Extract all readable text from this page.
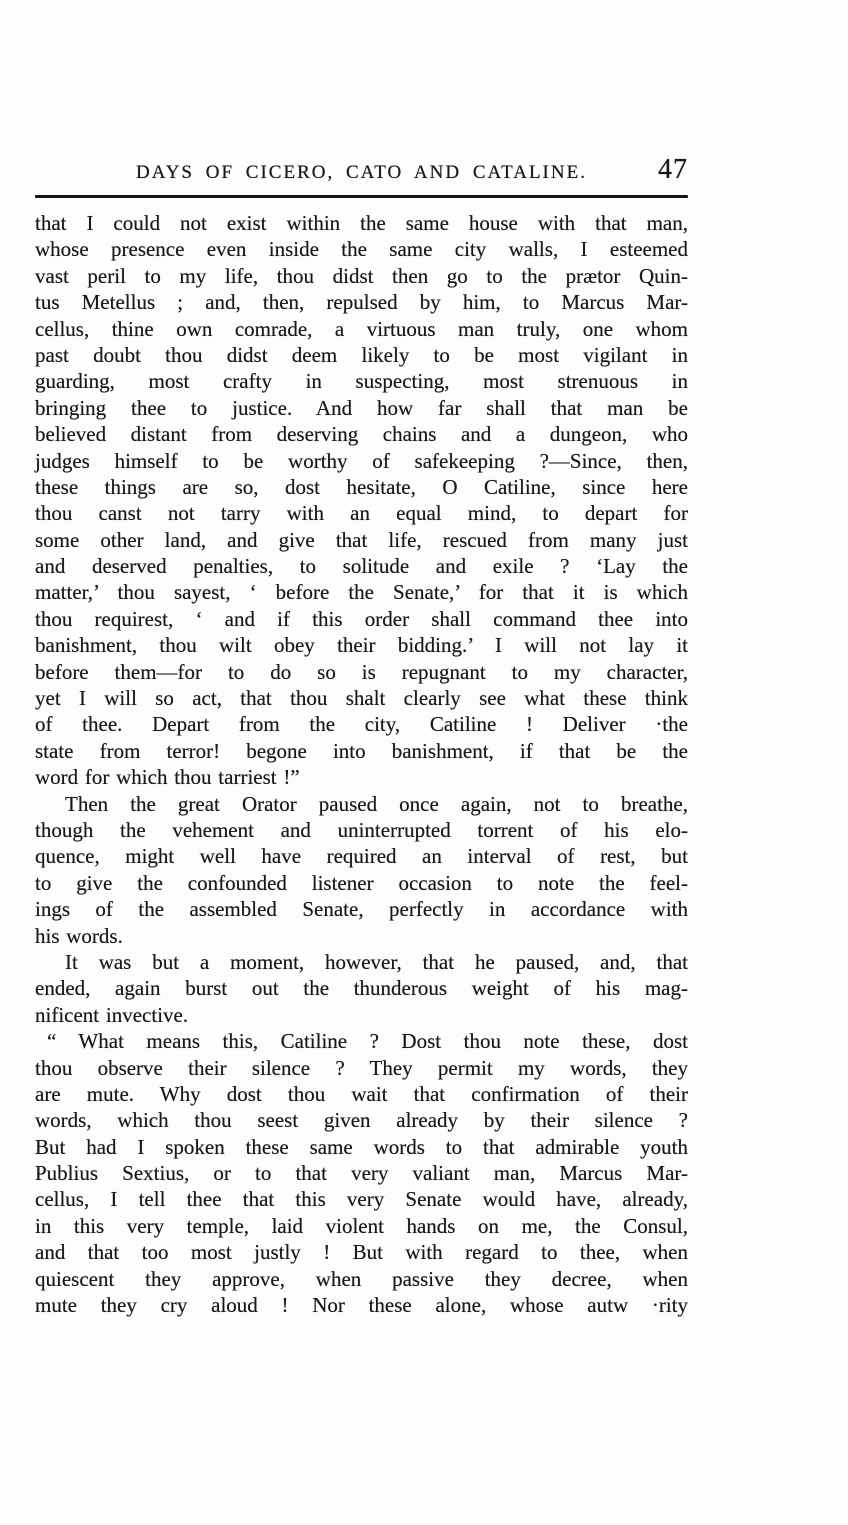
DAYS OF CICERO, CATO AND CATALINE.	47
that I could not exist within the same house with that man,
whose presence even inside the same city walls, I esteemed
vast peril to my life, thou didst then go to the prætor Quin-
tus Metellus ; and, then, repulsed by him, to Marcus Mar-
cellus, thine own comrade, a virtuous man truly, one whom
past doubt thou didst deem likely to be most vigilant in
guarding, most crafty in suspecting, most strenuous in
bringing thee to justice. And how far shall that man be
believed distant from deserving chains and a dungeon, who
judges himself to be worthy of safekeeping ?—Since, then,
these things are so, dost hesitate, O Catiline, since here
thou canst not tarry with an equal mind, to depart for
some other land, and give that life, rescued from many just
and deserved penalties, to solitude and exile ? ‘Lay the
matter,’ thou sayest, ‘ before the Senate,’ for that it is which
thou requirest, ‘ and if this order shall command thee into
banishment, thou wilt obey their bidding.’ I will not lay it
before them—for to do so is repugnant to my character,
yet I will so act, that thou shalt clearly see what these think
of thee. Depart from the city, Catiline ! Deliver ·the
state from terror! begone into banishment, if that be the
word for which thou tarriest !”
Then the great Orator paused once again, not to breathe,
though the vehement and uninterrupted torrent of his elo-
quence, might well have required an interval of rest, but
to give the confounded listener occasion to note the feel-
ings of the assembled Senate, perfectly in accordance with
his words.
It was but a moment, however, that he paused, and, that
ended, again burst out the thunderous weight of his mag-
nificent invective.
“ What means this, Catiline ? Dost thou note these, dost
thou observe their silence ? They permit my words, they
are mute. Why dost thou wait that confirmation of their
words, which thou seest given already by their silence ?
But had I spoken these same words to that admirable youth
Publius Sextius, or to that very valiant man, Marcus Mar-
cellus, I tell thee that this very Senate would have, already,
in this very temple, laid violent hands on me, the Consul,
and that too most justly ! But with regard to thee, when
quiescent they approve, when passive they decree, when
mute they cry aloud ! Nor these alone, whose autw ·rity
